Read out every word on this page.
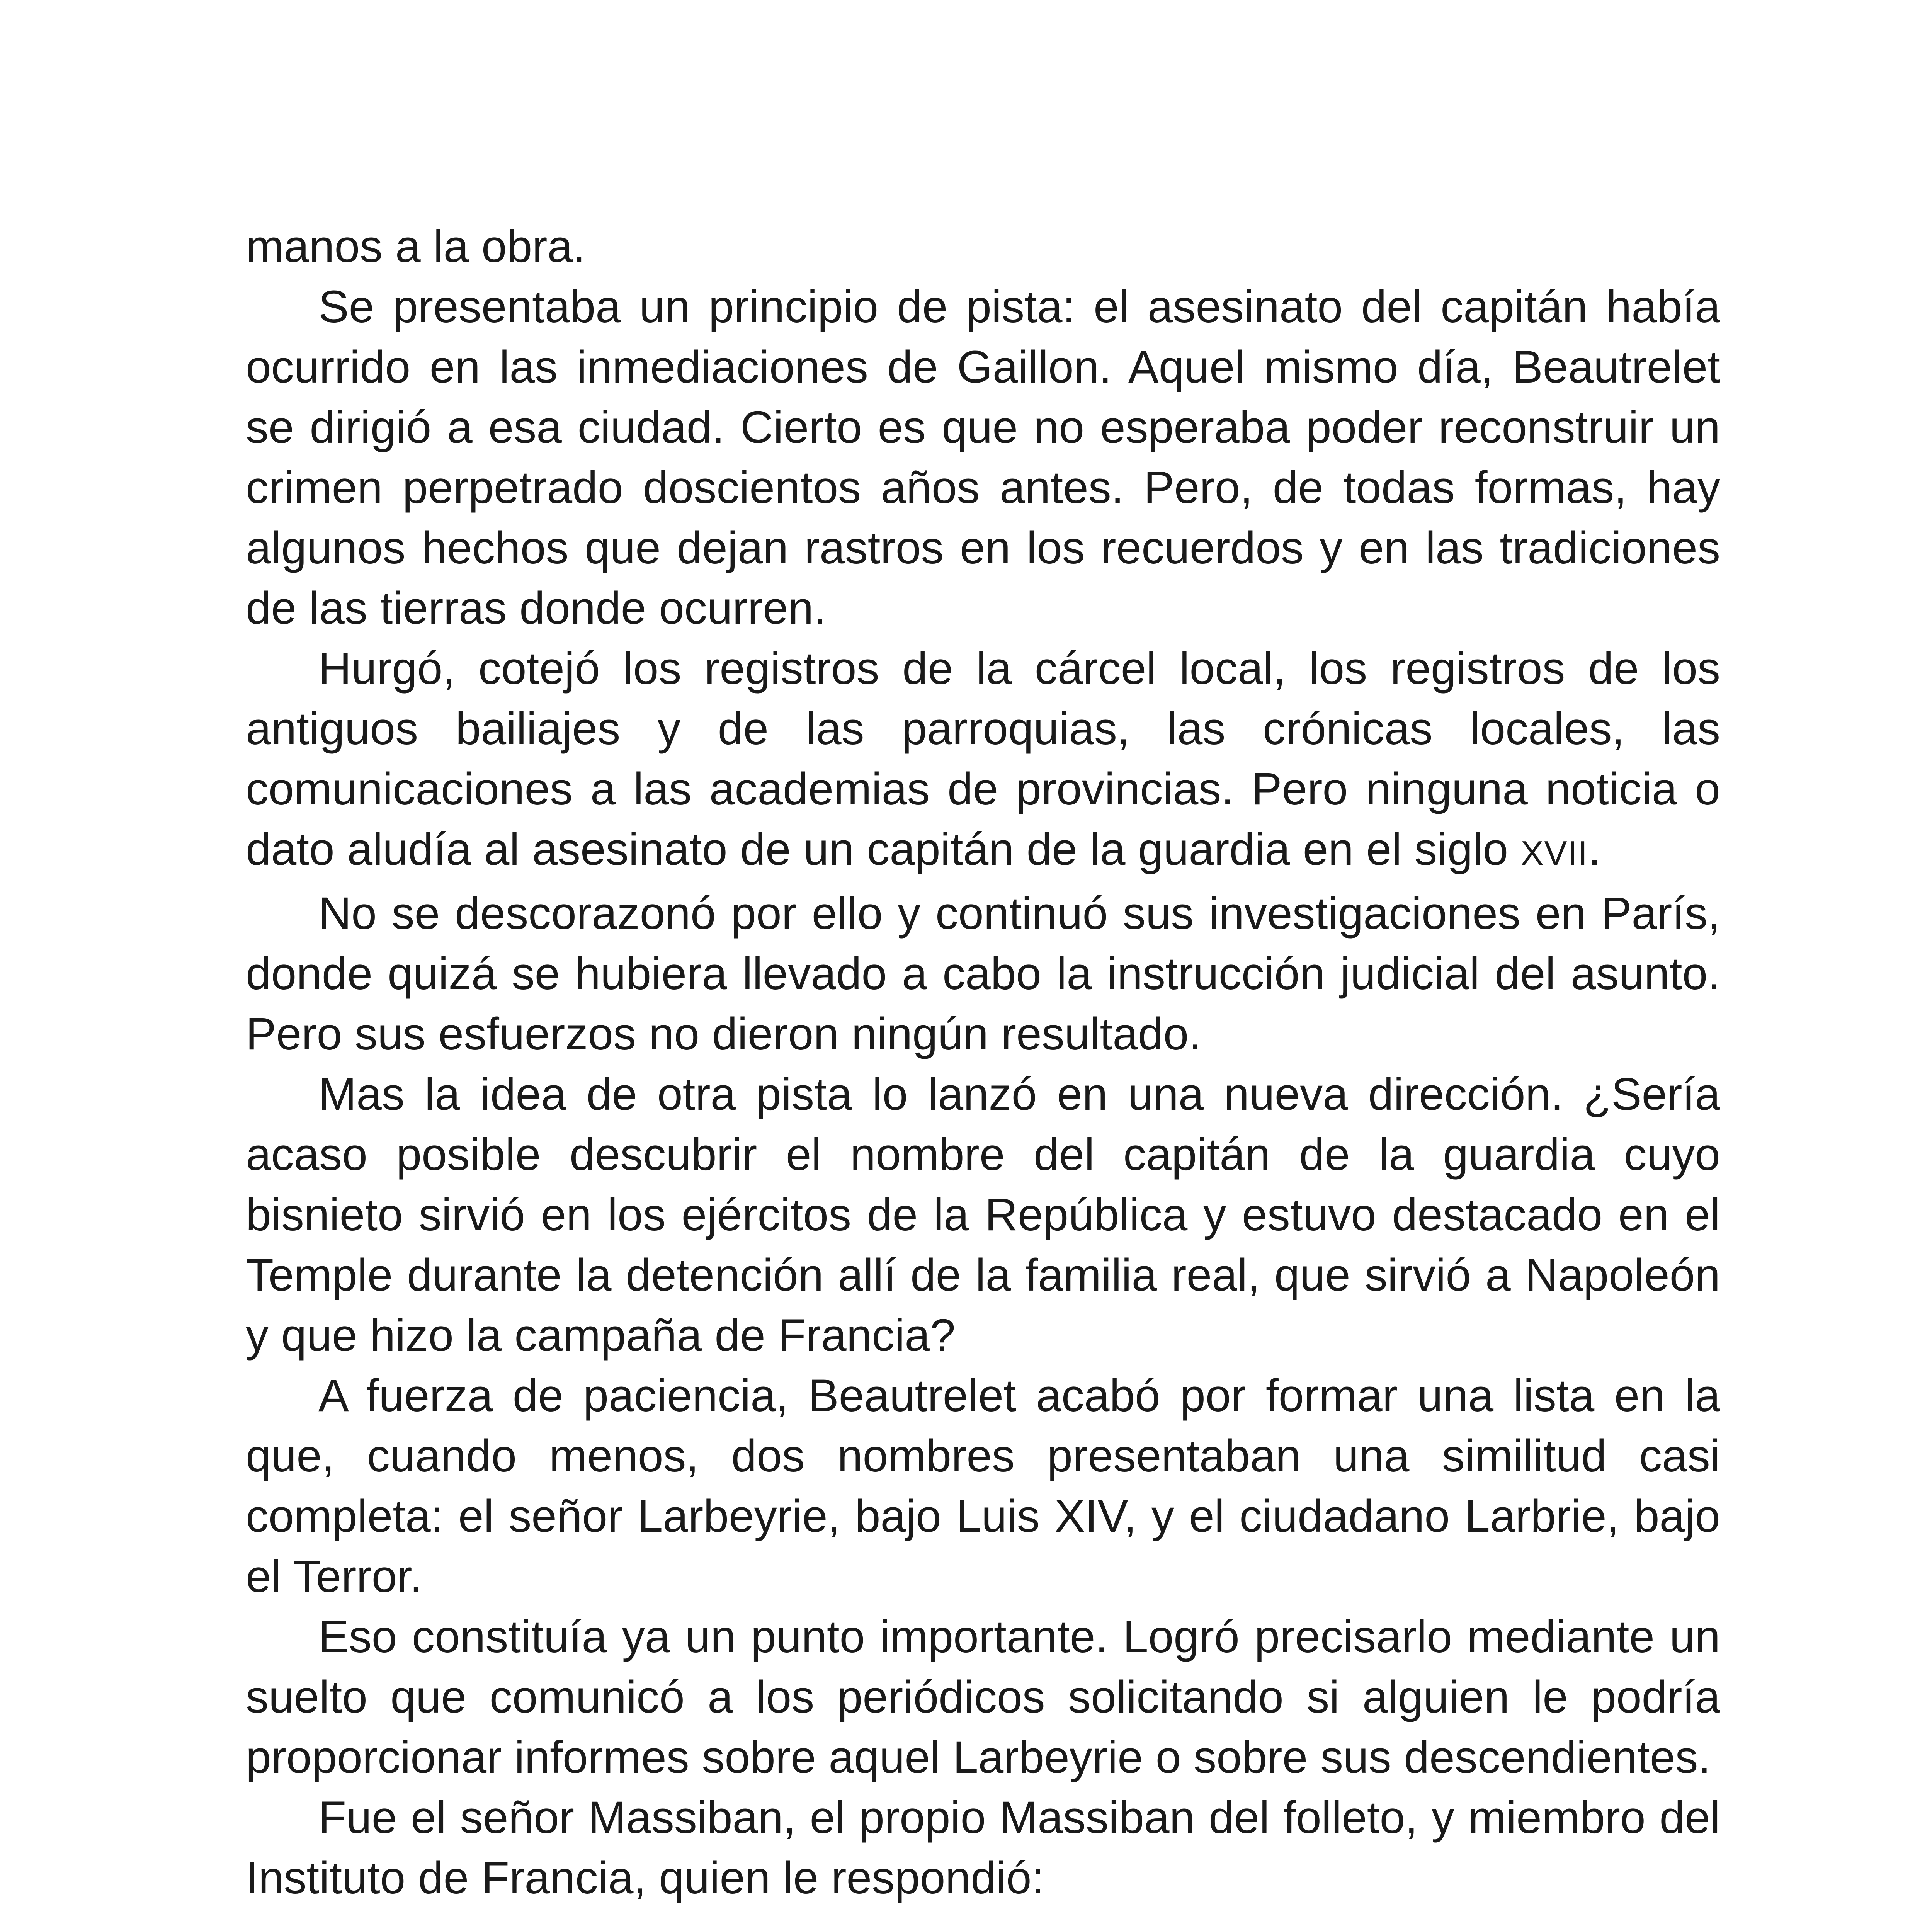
manos a la obra.

Se presentaba un principio de pista: el asesinato del capitán había ocurrido en las inmediaciones de Gaillon. Aquel mismo día, Beautrelet se dirigió a esa ciudad. Cierto es que no esperaba poder reconstruir un crimen perpetrado doscientos años antes. Pero, de todas formas, hay algunos hechos que dejan rastros en los recuerdos y en las tradiciones de las tierras donde ocurren.

Hurgó, cotejó los registros de la cárcel local, los registros de los antiguos bailiajes y de las parroquias, las crónicas locales, las comunicaciones a las academias de provincias. Pero ninguna noticia o dato aludía al asesinato de un capitán de la guardia en el siglo XVII.

No se descorazonó por ello y continuó sus investigaciones en París, donde quizá se hubiera llevado a cabo la instrucción judicial del asunto. Pero sus esfuerzos no dieron ningún resultado.

Mas la idea de otra pista lo lanzó en una nueva dirección. ¿Sería acaso posible descubrir el nombre del capitán de la guardia cuyo bisnieto sirvió en los ejércitos de la República y estuvo destacado en el Temple durante la detención allí de la familia real, que sirvió a Napoleón y que hizo la campaña de Francia?

A fuerza de paciencia, Beautrelet acabó por formar una lista en la que, cuando menos, dos nombres presentaban una similitud casi completa: el señor Larbeyrie, bajo Luis XIV, y el ciudadano Larbrie, bajo el Terror.

Eso constituía ya un punto importante. Logró precisarlo mediante un suelto que comunicó a los periódicos solicitando si alguien le podría proporcionar informes sobre aquel Larbeyrie o sobre sus descendientes.

Fue el señor Massiban, el propio Massiban del folleto, y miembro del Instituto de Francia, quien le respondió:
